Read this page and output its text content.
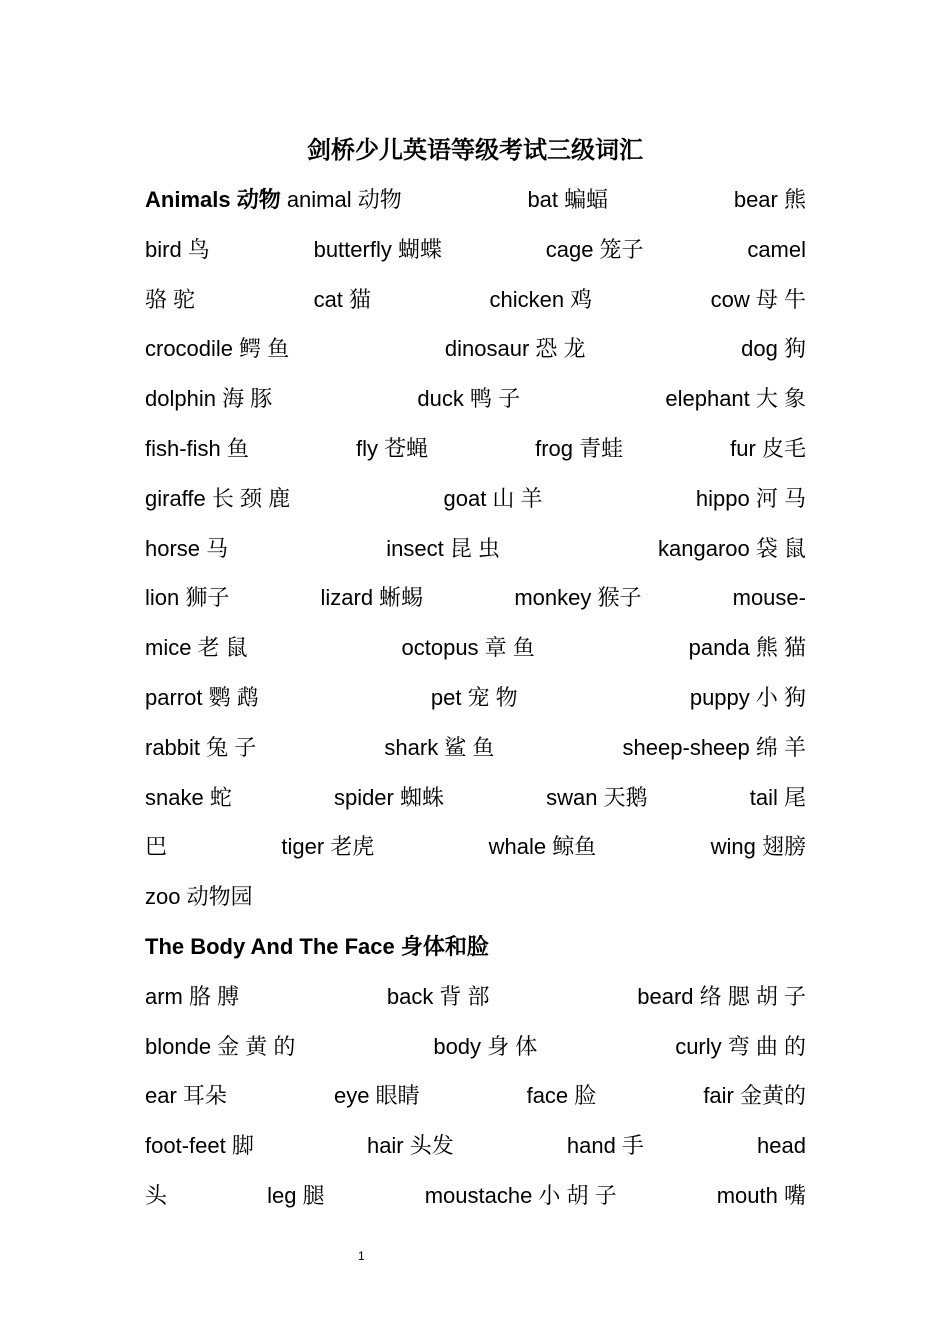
剑桥少儿英语等级考试三级词汇
Animals 动物 animal 动物	bat 蝙蝠	bear 熊
bird 鸟	butterfly 蝴蝶	cage 笼子	camel
骆 驼	cat 猫	chicken 鸡	cow 母 牛
crocodile 鳄 鱼	dinosaur 恐 龙	dog 狗
dolphin 海 豚	duck 鸭 子	elephant 大 象
fish-fish 鱼	fly 苍蝇	frog 青蛙	fur 皮毛
giraffe 长 颈 鹿	goat 山 羊	hippo 河 马
horse 马	insect 昆 虫	kangaroo 袋 鼠
lion 狮子	lizard 蜥蜴	monkey 猴子	mouse-
mice 老 鼠	octopus 章 鱼	panda 熊 猫
parrot 鹦 鹉	pet 宠 物	puppy 小 狗
rabbit 兔 子	shark 鲨 鱼	sheep-sheep 绵 羊
snake 蛇	spider 蜘蛛	swan 天鹅	tail 尾
巴	tiger 老虎	whale 鲸鱼	wing 翅膀
zoo 动物园
The Body And The Face 身体和脸
arm 胳 膊	back 背 部	beard 络 腮 胡 子
blonde 金 黄 的	body 身 体	curly 弯 曲 的
ear 耳朵	eye 眼睛	face 脸	fair 金黄的
foot-feet 脚	hair 头发	hand 手	head
头	leg 腿	moustache 小 胡 子	mouth 嘴
1
